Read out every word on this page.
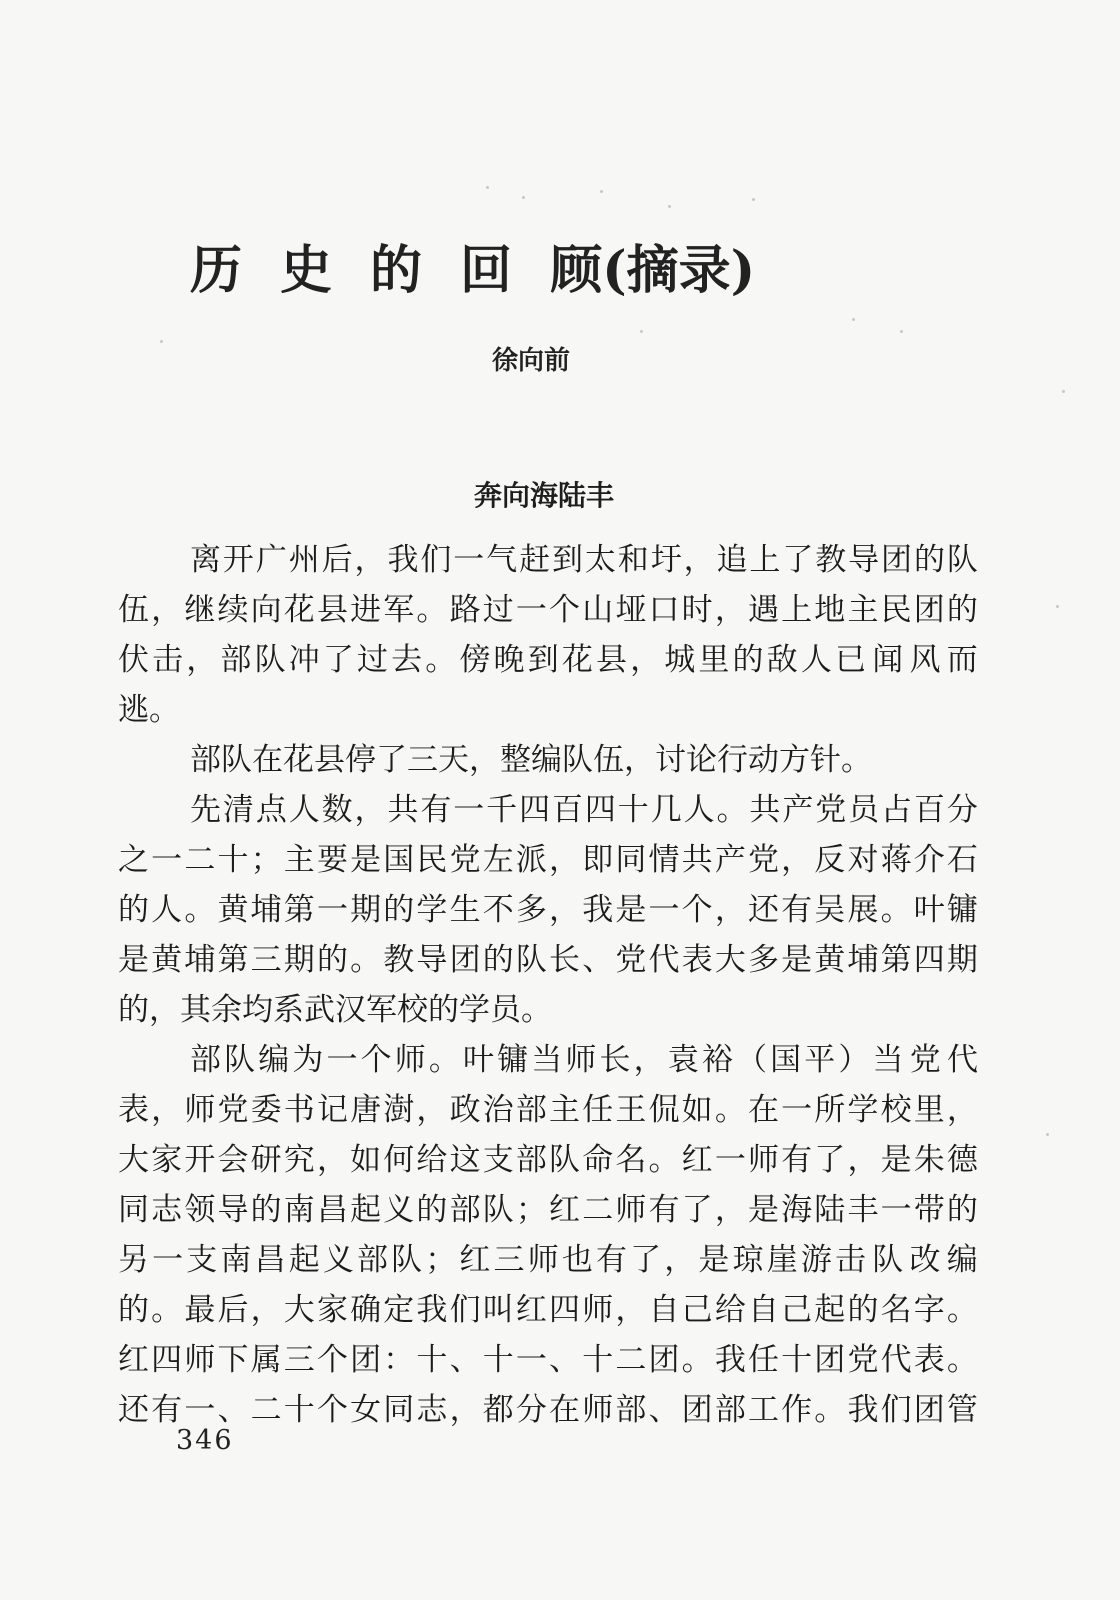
历 史 的 回 顾(摘录)
徐向前
奔向海陆丰
离 开 广 州 后 ， 我 们 一 气 赶 到 太 和 圩 ， 追 上 了 教 导 团 的 队
伍 ， 继 续 向 花 县 进 军 。 路 过 一 个 山 垭 口 时 ， 遇 上 地 主 民 团 的
伏 击 ， 部 队 冲 了 过 去 。 傍 晚 到 花 县 ， 城 里 的 敌 人 已 闻 风 而
逃。
部队在花县停了三天，整编队伍，讨论行动方针。
先 清 点 人 数 ， 共 有 一 千 四 百 四 十 几 人 。 共 产 党 员 占 百 分
之 一 二 十 ； 主 要 是 国 民 党 左 派 ， 即 同 情 共 产 党 ， 反 对 蒋 介 石
的 人 。 黄 埔 第 一 期 的 学 生 不 多 ， 我 是 一 个 ， 还 有 吴 展 。 叶 镛
是 黄 埔 第 三 期 的 。 教 导 团 的 队 长 、 党 代 表 大 多 是 黄 埔 第 四 期
的，其余均系武汉军校的学员。
部 队 编 为 一 个 师 。 叶 镛 当 师 长 ， 袁 裕 （ 国 平 ） 当 党 代
表 ， 师 党 委 书 记 唐 澍 ， 政 治 部 主 任 王 侃 如 。 在 一 所 学 校 里 ，
大 家 开 会 研 究 ， 如 何 给 这 支 部 队 命 名 。 红 一 师 有 了 ， 是 朱 德
同 志 领 导 的 南 昌 起 义 的 部 队 ； 红 二 师 有 了 ， 是 海 陆 丰 一 带 的
另 一 支 南 昌 起 义 部 队 ； 红 三 师 也 有 了 ， 是 琼 崖 游 击 队 改 编
的 。 最 后 ， 大 家 确 定 我 们 叫 红 四 师 ， 自 己 给 自 己 起 的 名 字 。
红 四 师 下 属 三 个 团 ： 十 、 十 一 、 十 二 团 。 我 任 十 团 党 代 表 。
还 有 一 、 二 十 个 女 同 志 ， 都 分 在 师 部 、 团 部 工 作 。 我 们 团 管
346
